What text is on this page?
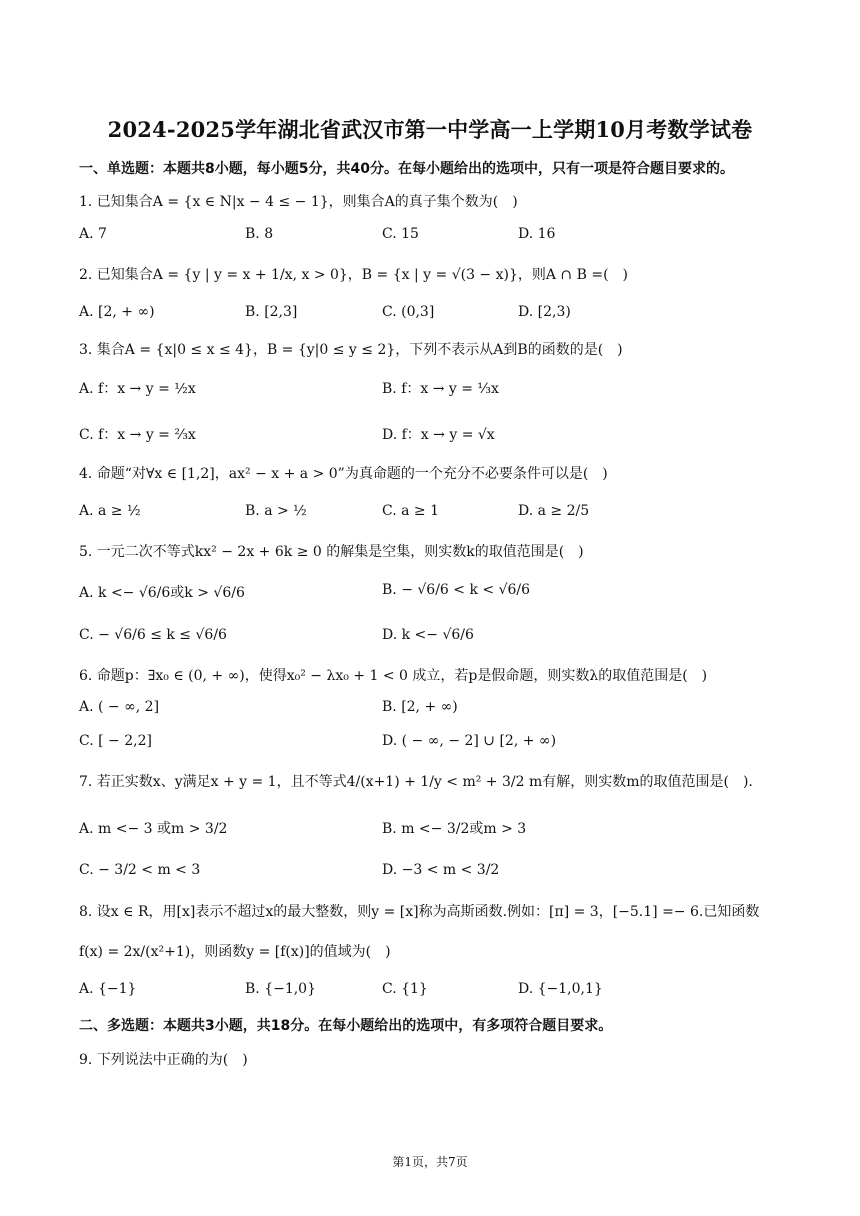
2024-2025学年湖北省武汉市第一中学高一上学期10月考数学试卷
一、单选题：本题共8小题，每小题5分，共40分。在每小题给出的选项中，只有一项是符合题目要求的。
1. 已知集合A = {x ∈ N|x − 4 ≤ − 1}，则集合A的真子集个数为(　)
A. 7	B. 8	C. 15	D. 16
2. 已知集合A = {y | y = x + 1/x, x > 0}，B = {x | y = √(3 − x)}，则A ∩ B =(　)
A. [2, + ∞)	B. [2,3]	C. (0,3]	D. [2,3)
3. 集合A = {x|0 ≤ x ≤ 4}，B = {y|0 ≤ y ≤ 2}，下列不表示从A到B的函数的是(　)
A. f：x → y = ½x	B. f：x → y = ⅓x
C. f：x → y = ⅔x	D. f：x → y = √x
4. 命题“对∀x ∈ [1,2]，ax² − x + a > 0”为真命题的一个充分不必要条件可以是(　)
A. a ≥ ½	B. a > ½	C. a ≥ 1	D. a ≥ 2/5
5. 一元二次不等式kx² − 2x + 6k ≥ 0 的解集是空集，则实数k的取值范围是(　)
A. k <− √6/6或k > √6/6	B. − √6/6 < k < √6/6
C. − √6/6 ≤ k ≤ √6/6	D. k <− √6/6
6. 命题p：∃x₀ ∈ (0, + ∞)，使得x₀² − λx₀ + 1 < 0 成立，若p是假命题，则实数λ的取值范围是(　)
A. ( − ∞, 2]	B. [2, + ∞)
C. [ − 2,2]	D. ( − ∞, − 2] ∪ [2, + ∞)
7. 若正实数x、y满足x + y = 1，且不等式4/(x+1) + 1/y < m² + 3/2 m有解，则实数m的取值范围是(　).
A. m <− 3 或m > 3/2	B. m <− 3/2或m > 3
C. − 3/2 < m < 3	D. −3 < m < 3/2
8. 设x ∈ R，用[x]表示不超过x的最大整数，则y = [x]称为高斯函数.例如：[π] = 3，[−5.1] =− 6.已知函数
f(x) = 2x/(x²+1)，则函数y = [f(x)]的值域为(　)
A. {−1}	B. {−1,0}	C. {1}	D. {−1,0,1}
二、多选题：本题共3小题，共18分。在每小题给出的选项中，有多项符合题目要求。
9. 下列说法中正确的为(　)
第1页，共7页
